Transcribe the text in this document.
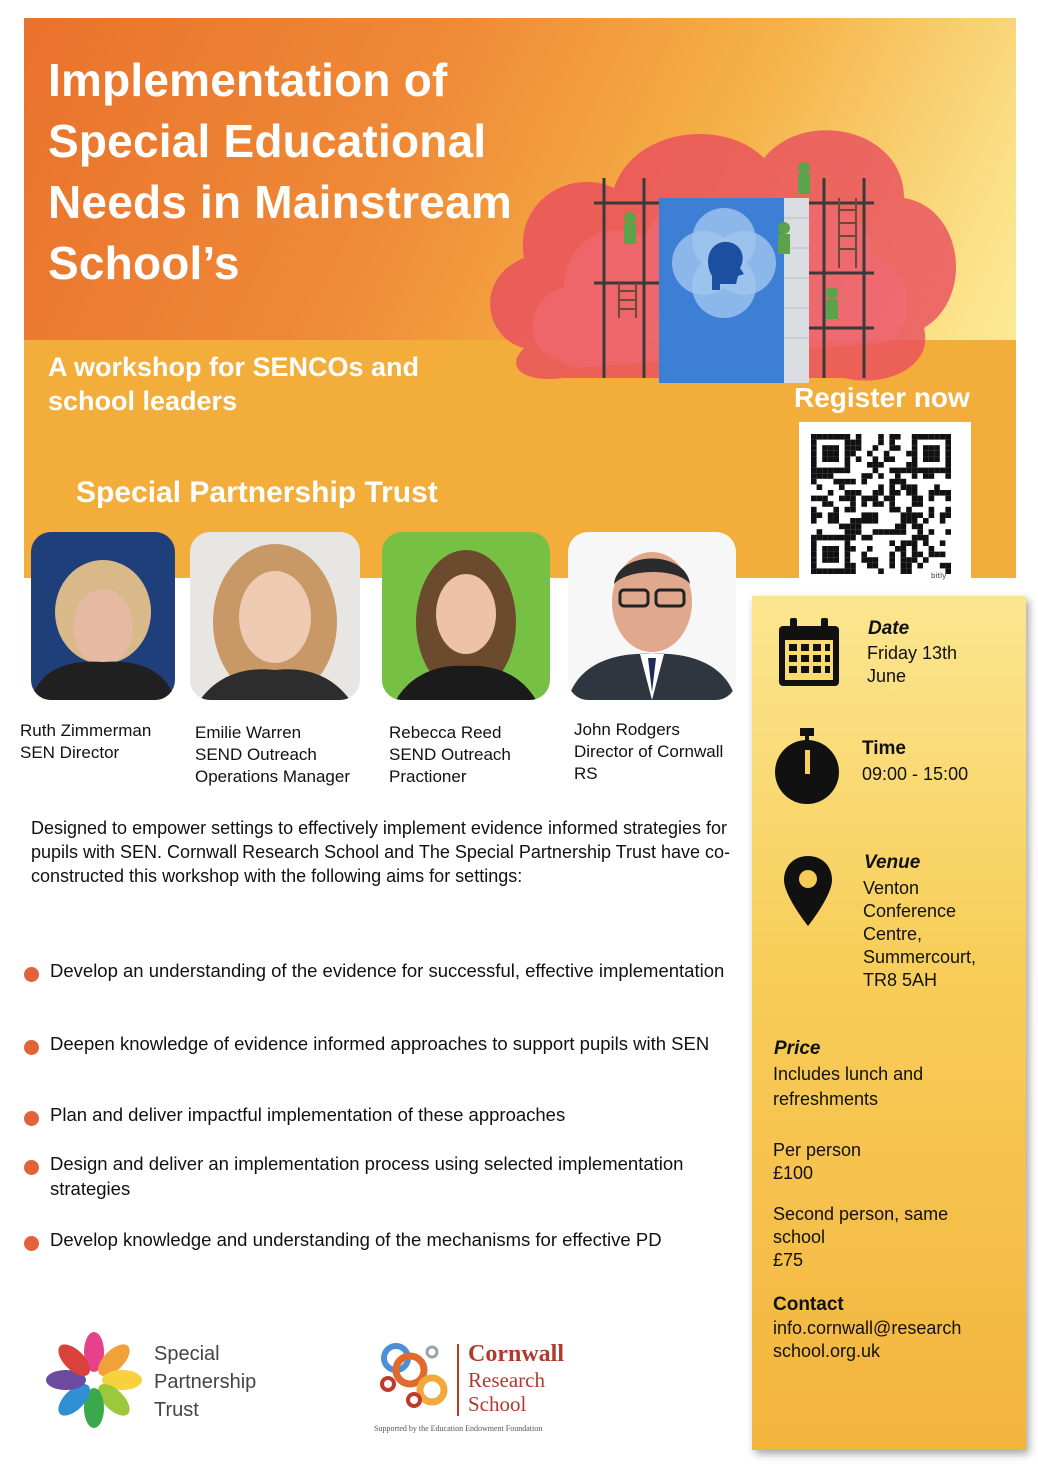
Implementation of Special Educational Needs in Mainstream School’s
A workshop for SENCOs and school leaders
Special Partnership Trust
Register now
bitly
Ruth Zimmerman
SEN Director
Emilie Warren
SEND Outreach
Operations Manager
Rebecca Reed
SEND Outreach
Practioner
John Rodgers
Director of Cornwall
RS

Designed to empower settings to effectively implement evidence informed strategies for pupils with SEN. Cornwall Research School and The Special Partnership Trust have co-constructed this workshop with the following aims for settings:

Develop an understanding of the evidence for successful, effective implementation
Deepen knowledge of evidence informed approaches to support pupils with SEN
Plan and deliver impactful implementation of these approaches
Design and deliver an implementation process using selected implementation strategies
Develop knowledge and understanding of the mechanisms for effective PD
Date
Friday 13th
June
Time
09:00 - 15:00
Venue
Venton
Conference
Centre,
Summercourt,
TR8 5AH
Price
Includes lunch and
refreshments
Per person
£100
Second person, same
school
£75
Contact
info.cornwall@research
school.org.uk
Special
Partnership
Trust
Cornwall
Research
School
Supported by the Education Endowment Foundation
